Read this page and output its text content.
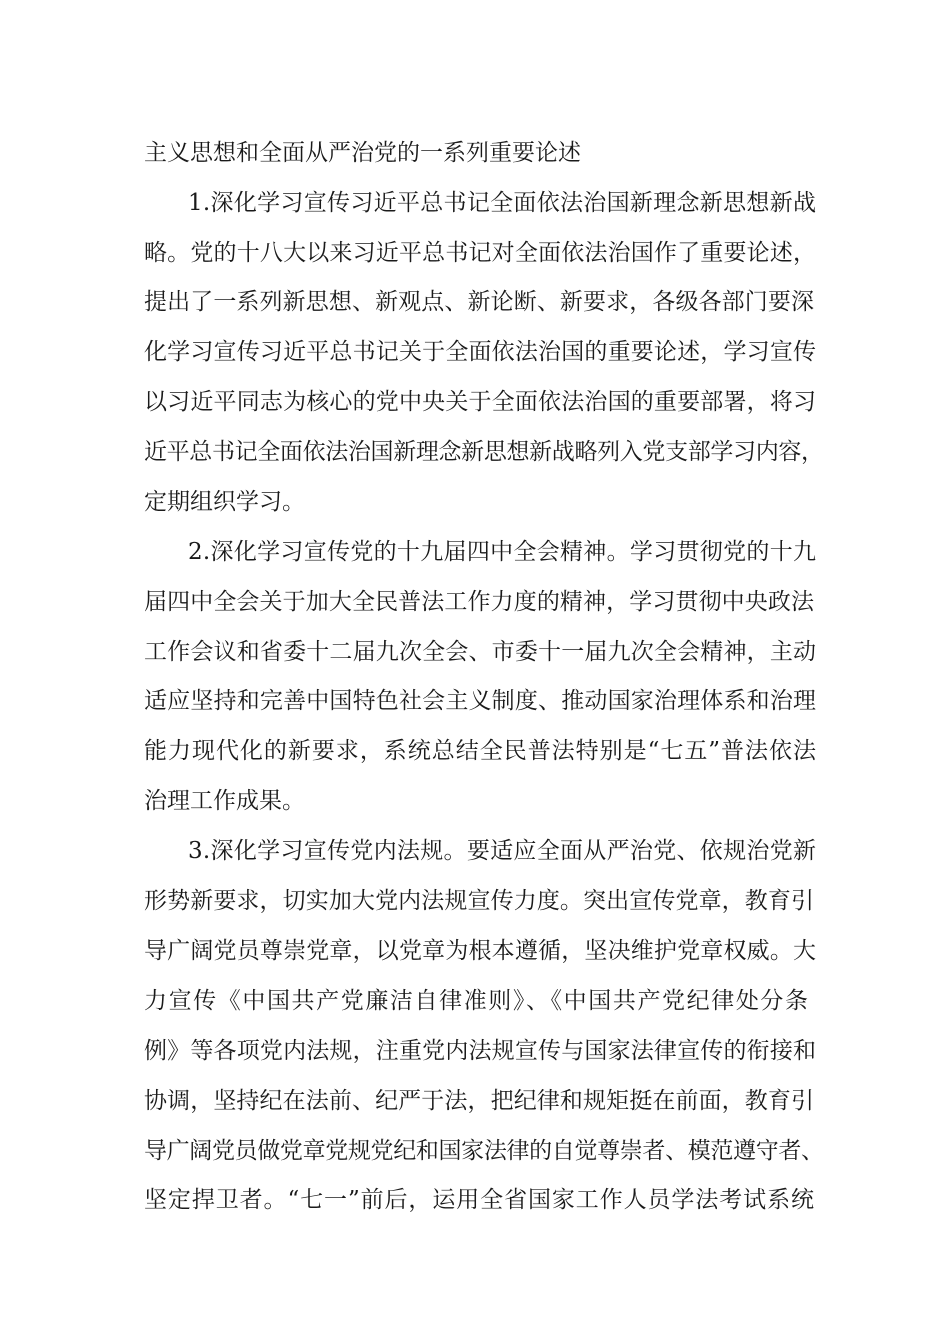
主义思想和全面从严治党的一系列重要论述
1.深化学习宣传习近平总书记全面依法治国新理念新思想新战
略。党的十八大以来习近平总书记对全面依法治国作了重要论述，
提出了一系列新思想、新观点、新论断、新要求，各级各部门要深
化学习宣传习近平总书记关于全面依法治国的重要论述，学习宣传
以习近平同志为核心的党中央关于全面依法治国的重要部署，将习
近平总书记全面依法治国新理念新思想新战略列入党支部学习内容，
定期组织学习。
2.深化学习宣传党的十九届四中全会精神。学习贯彻党的十九
届四中全会关于加大全民普法工作力度的精神，学习贯彻中央政法
工作会议和省委十二届九次全会、市委十一届九次全会精神，主动
适应坚持和完善中国特色社会主义制度、推动国家治理体系和治理
能力现代化的新要求，系统总结全民普法特别是“七五”普法依法
治理工作成果。
3.深化学习宣传党内法规。要适应全面从严治党、依规治党新
形势新要求，切实加大党内法规宣传力度。突出宣传党章，教育引
导广阔党员尊崇党章，以党章为根本遵循，坚决维护党章权威。大
力宣传《中国共产党廉洁自律准则》、《中国共产党纪律处分条
例》等各项党内法规，注重党内法规宣传与国家法律宣传的衔接和
协调，坚持纪在法前、纪严于法，把纪律和规矩挺在前面，教育引
导广阔党员做党章党规党纪和国家法律的自觉尊崇者、模范遵守者、
坚定捍卫者。“七一”前后，运用全省国家工作人员学法考试系统
